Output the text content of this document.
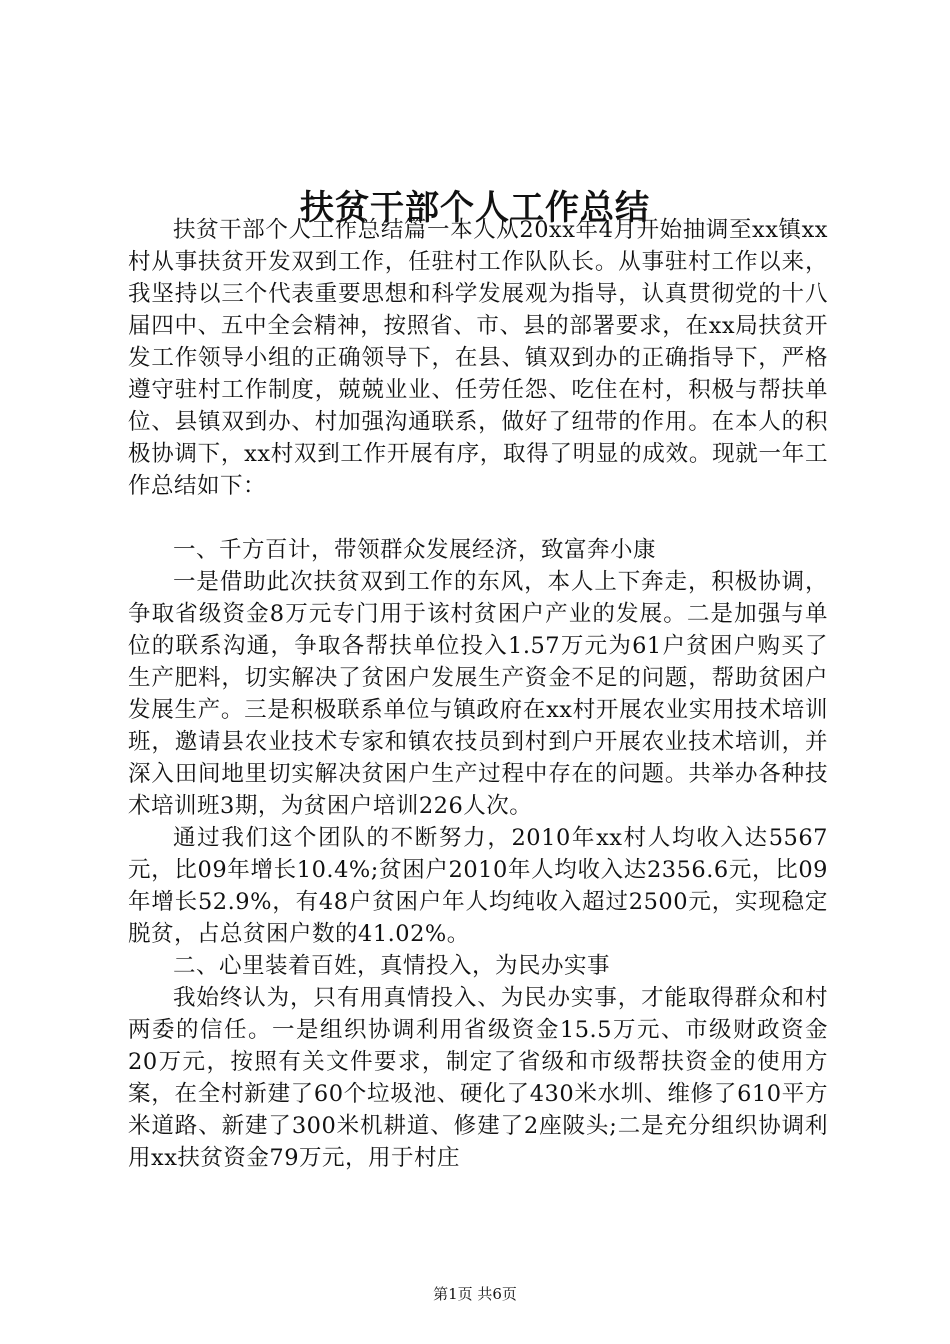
扶贫干部个人工作总结

扶贫干部个人工作总结篇一本人从20xx年4月开始抽调至xx镇xx村从事扶贫开发双到工作，任驻村工作队队长。从事驻村工作以来，我坚持以三个代表重要思想和科学发展观为指导，认真贯彻党的十八届四中、五中全会精神，按照省、市、县的部署要求，在xx局扶贫开发工作领导小组的正确领导下，在县、镇双到办的正确指导下，严格遵守驻村工作制度，兢兢业业、任劳任怨、吃住在村，积极与帮扶单位、县镇双到办、村加强沟通联系，做好了纽带的作用。在本人的积极协调下，xx村双到工作开展有序，取得了明显的成效。现就一年工作总结如下：

一、千方百计，带领群众发展经济，致富奔小康

一是借助此次扶贫双到工作的东风，本人上下奔走，积极协调，争取省级资金8万元专门用于该村贫困户产业的发展。二是加强与单位的联系沟通，争取各帮扶单位投入1.57万元为61户贫困户购买了生产肥料，切实解决了贫困户发展生产资金不足的问题，帮助贫困户发展生产。三是积极联系单位与镇政府在xx村开展农业实用技术培训班，邀请县农业技术专家和镇农技员到村到户开展农业技术培训，并深入田间地里切实解决贫困户生产过程中存在的问题。共举办各种技术培训班3期，为贫困户培训226人次。

通过我们这个团队的不断努力，2010年xx村人均收入达5567元，比09年增长10.4%;贫困户2010年人均收入达2356.6元，比09年增长52.9%，有48户贫困户年人均纯收入超过2500元，实现稳定脱贫，占总贫困户数的41.02%。

二、心里装着百姓，真情投入，为民办实事

我始终认为，只有用真情投入、为民办实事，才能取得群众和村两委的信任。一是组织协调利用省级资金15.5万元、市级财政资金20万元，按照有关文件要求，制定了省级和市级帮扶资金的使用方案，在全村新建了60个垃圾池、硬化了430米水圳、维修了610平方米道路、新建了300米机耕道、修建了2座陂头;二是充分组织协调利用xx扶贫资金79万元，用于村庄

第1页 共6页
